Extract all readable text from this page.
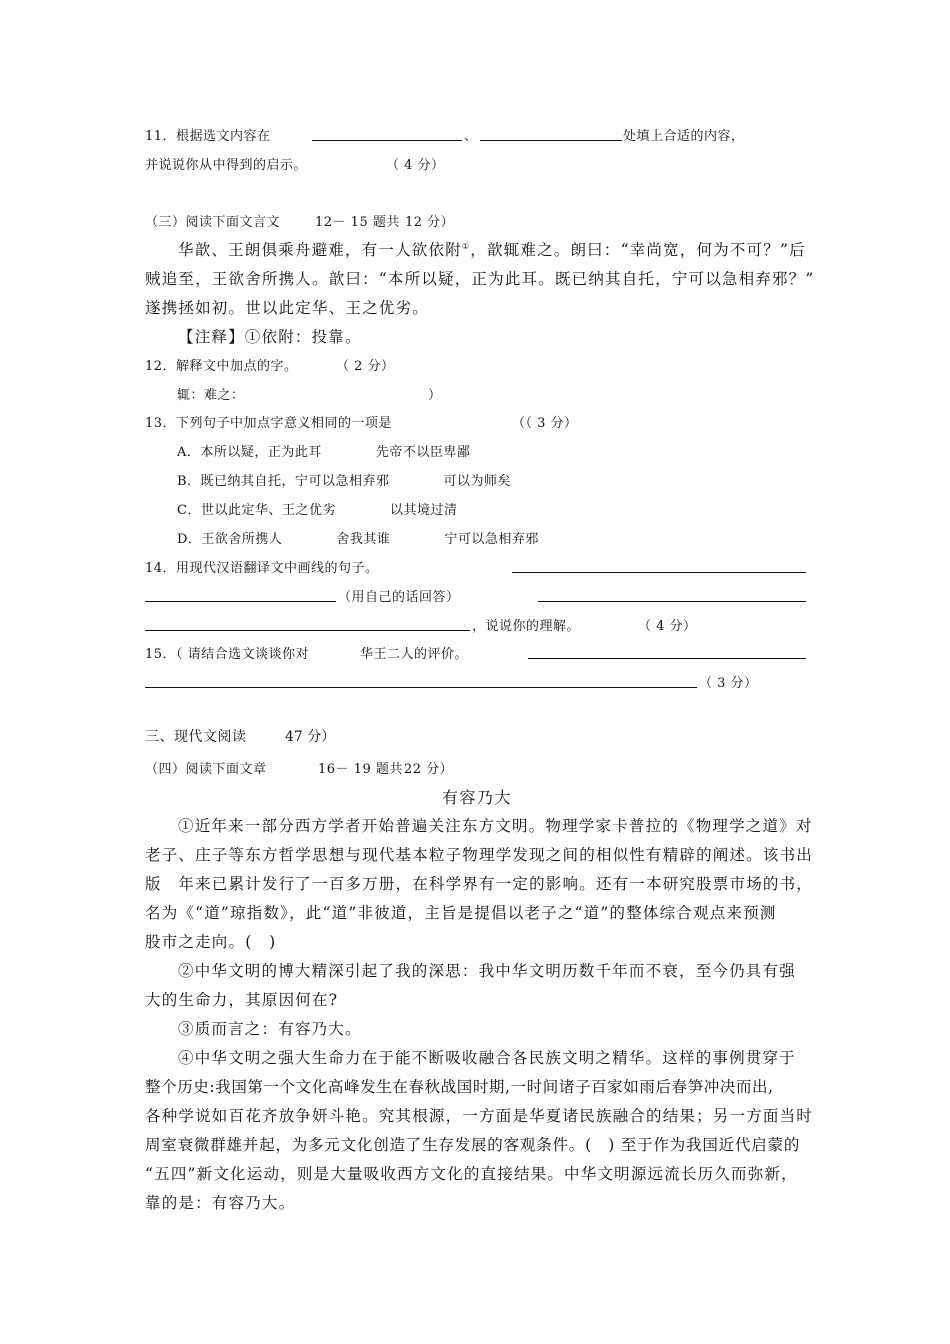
11．根据选文内容在	、	处填上合适的内容，
并说说你从中得到的启示。	（ 4 分）
（三）阅读下面文言文	12－ 15 题共 12 分）
华歆、王朗俱乘舟避难，有一人欲依附①，歆辄难之。朗曰：“幸尚宽，何为不可？”后
贼追至，王欲舍所携人。歆曰：“本所以疑，正为此耳。既已纳其自托，宁可以急相弃邪？”
遂携拯如初。世以此定华、王之优劣。
【注释】①依附：投靠。
12．解释文中加点的字。	（ 2 分）
辄：难之：	）
13．下列句子中加点字意义相同的一项是	（（ 3 分）
A．本所以疑，正为此耳　　　　先帝不以臣卑鄙
B．既已纳其自托，宁可以急相弃邪　　　　可以为师矣
C．世以此定华、王之优劣　　　　以其境过清
D．王欲舍所携人　　　　舍我其谁　　　　宁可以急相弃邪
14．用现代汉语翻译文中画线的句子。
（用自己的话回答）
，说说你的理解。	（ 4 分）
15．（ 请结合选文谈谈你对	华王二人的评价。
（ 3 分）
三、现代文阅读	47 分）
（四）阅读下面文章	16－ 19 题共 22 分）
有容乃大
①近年来一部分西方学者开始普遍关注东方文明。物理学家卡普拉的《物理学之道》对
老子、庄子等东方哲学思想与现代基本粒子物理学发现之间的相似性有精辟的阐述。该书出
版　年来已累计发行了一百多万册，在科学界有一定的影响。还有一本研究股票市场的书，
名为《“道”琼指数》，此“道”非彼道，主旨是提倡以老子之“道”的整体综合观点来预测
股市之走向。(　)
②中华文明的博大精深引起了我的深思：我中华文明历数千年而不衰，至今仍具有强
大的生命力，其原因何在?
③质而言之：有容乃大。
④中华文明之强大生命力在于能不断吸收融合各民族文明之精华。这样的事例贯穿于
整个历史:我国第一个文化高峰发生在春秋战国时期,一时间诸子百家如雨后春笋冲决而出,
各种学说如百花齐放争妍斗艳。究其根源，一方面是华夏诸民族融合的结果；另一方面当时
周室衰微群雄并起，为多元文化创造了生存发展的客观条件。(　) 至于作为我国近代启蒙的
“五四”新文化运动，则是大量吸收西方文化的直接结果。中华文明源远流长历久而弥新，
靠的是：有容乃大。
